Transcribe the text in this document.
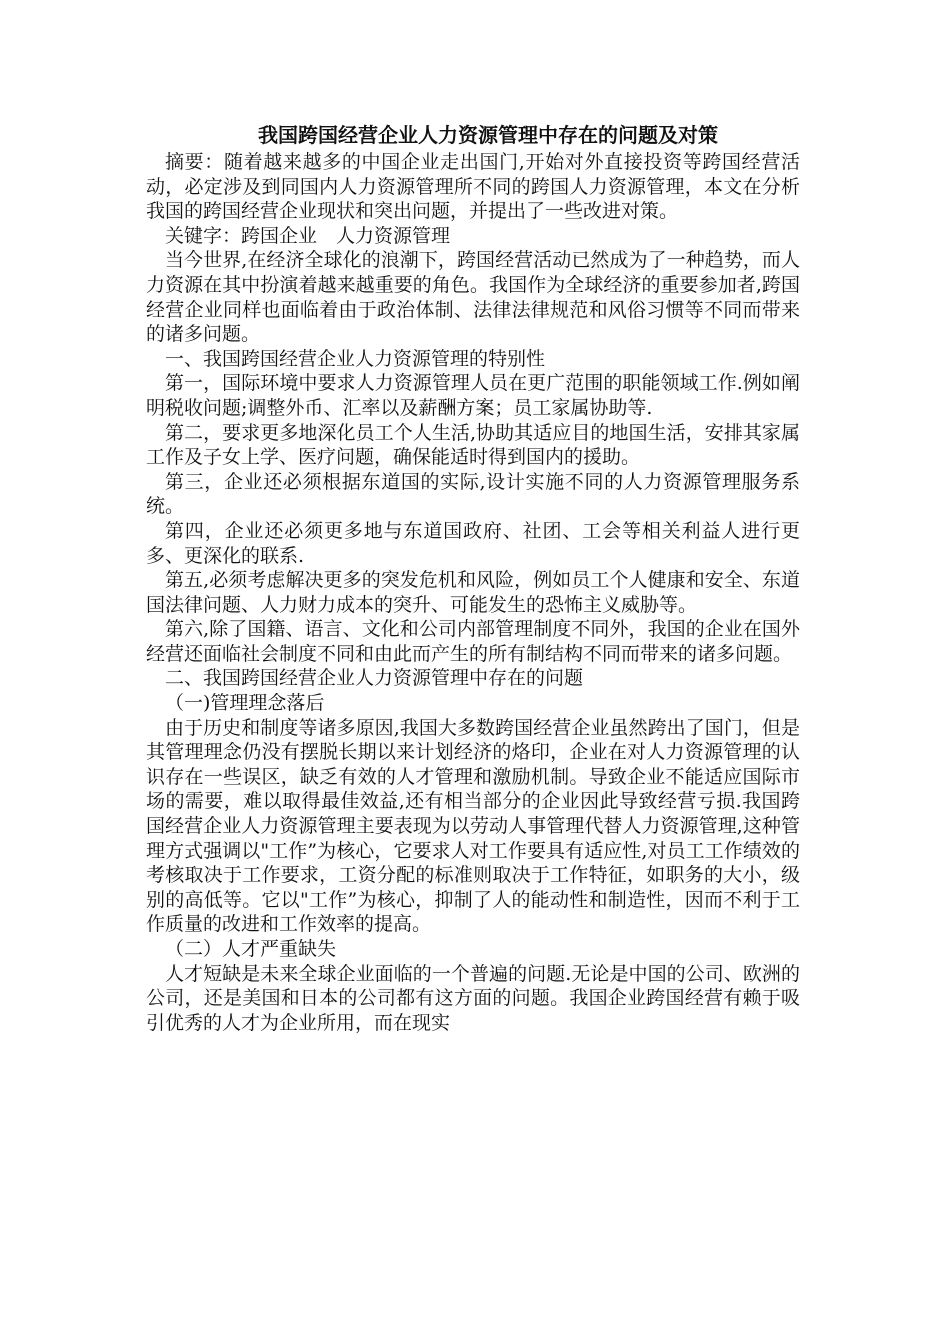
我国跨国经营企业人力资源管理中存在的问题及对策

摘要：随着越来越多的中国企业走出国门,开始对外直接投资等跨国经营活动，必定涉及到同国内人力资源管理所不同的跨国人力资源管理，本文在分析我国的跨国经营企业现状和突出问题，并提出了一些改进对策。

关键字：跨国企业　人力资源管理

当今世界,在经济全球化的浪潮下，跨国经营活动已然成为了一种趋势，而人力资源在其中扮演着越来越重要的角色。我国作为全球经济的重要参加者,跨国经营企业同样也面临着由于政治体制、法律法律规范和风俗习惯等不同而带来的诸多问题。

一、我国跨国经营企业人力资源管理的特别性

第一，国际环境中要求人力资源管理人员在更广范围的职能领域工作.例如阐明税收问题;调整外币、汇率以及薪酬方案；员工家属协助等.

第二，要求更多地深化员工个人生活,协助其适应目的地国生活，安排其家属工作及子女上学、医疗问题，确保能适时得到国内的援助。

第三，企业还必须根据东道国的实际,设计实施不同的人力资源管理服务系统。

第四，企业还必须更多地与东道国政府、社团、工会等相关利益人进行更多、更深化的联系.

第五,必须考虑解决更多的突发危机和风险，例如员工个人健康和安全、东道国法律问题、人力财力成本的突升、可能发生的恐怖主义威胁等。

第六,除了国籍、语言、文化和公司内部管理制度不同外，我国的企业在国外经营还面临社会制度不同和由此而产生的所有制结构不同而带来的诸多问题。

二、我国跨国经营企业人力资源管理中存在的问题

（一)管理理念落后

由于历史和制度等诸多原因,我国大多数跨国经营企业虽然跨出了国门，但是其管理理念仍没有摆脱长期以来计划经济的烙印，企业在对人力资源管理的认识存在一些误区，缺乏有效的人才管理和激励机制。导致企业不能适应国际市场的需要，难以取得最佳效益,还有相当部分的企业因此导致经营亏损.我国跨国经营企业人力资源管理主要表现为以劳动人事管理代替人力资源管理,这种管理方式强调以"工作”为核心，它要求人对工作要具有适应性,对员工工作绩效的考核取决于工作要求，工资分配的标准则取决于工作特征，如职务的大小，级别的高低等。它以"工作”为核心，抑制了人的能动性和制造性，因而不利于工作质量的改进和工作效率的提高。

（二）人才严重缺失

人才短缺是未来全球企业面临的一个普遍的问题.无论是中国的公司、欧洲的公司，还是美国和日本的公司都有这方面的问题。我国企业跨国经营有赖于吸引优秀的人才为企业所用，而在现实
